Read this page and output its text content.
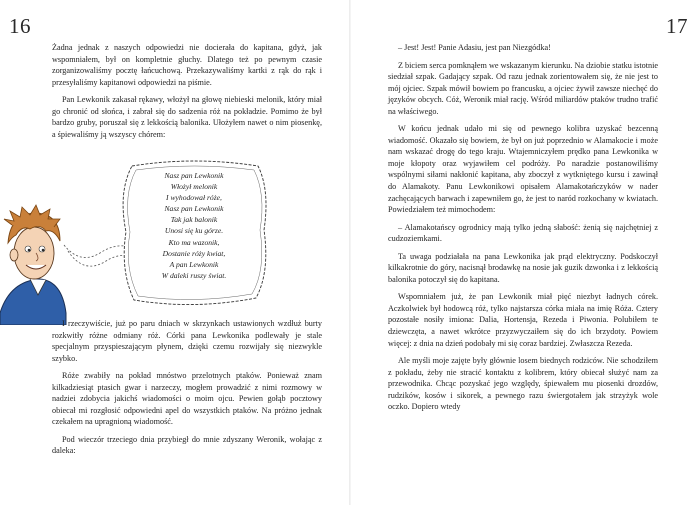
16	17

Żadna jednak z naszych odpowiedzi nie docierała do kapitana, gdyż, jak wspomniałem, był on kompletnie głuchy. Dlatego też po pewnym czasie zorganizowaliśmy pocztę łańcuchową. Przekazywaliśmy kartki z rąk do rąk i przesyłaliśmy kapitanowi odpowiedzi na piśmie.

Pan Lewkonik zakasał rękawy, włożył na głowę niebieski melonik, który miał go chronić od słońca, i zabrał się do sadzenia róż na pokładzie. Pomimo że był bardzo gruby, poruszał się z lekkością balonika. Ułożyłem nawet o nim piosenkę, a śpiewaliśmy ją wszyscy chórem:

Nasz pan Lewkonik
Włożył melonik
I wyhodował róże,
Nasz pan Lewkonik
Tak jak balonik
Unosi się ku górze.
Kto ma wazonik,
Dostanie róży kwiat,
A pan Lewkonik
W daleki ruszy świat.

I rzeczywiście, już po paru dniach w skrzynkach ustawionych wzdłuż burty rozkwitły różne odmiany róż. Córki pana Lewkonika podlewały je stale specjalnym przyspieszającym płynem, dzięki czemu rozwijały się niezwykle szybko.

Róże zwabiły na pokład mnóstwo przelotnych ptaków. Ponieważ znam kilkadziesiąt ptasich gwar i narzeczy, mogłem prowadzić z nimi rozmowy w nadziei zdobycia jakichś wiadomości o moim ojcu. Pewien gołąb pocztowy obiecał mi rozgłosić odpowiedni apel do wszystkich ptaków. Na próżno jednak czekałem na upragnioną wiadomość.

Pod wieczór trzeciego dnia przybiegł do mnie zdyszany Weronik, wołając z daleka:

– Jest! Jest! Panie Adasiu, jest pan Niezgódka!

Z biciem serca pomknąłem we wskazanym kierunku. Na dziobie statku istotnie siedział szpak. Gadający szpak. Od razu jednak zorientowałem się, że nie jest to mój ojciec. Szpak mówił bowiem po francusku, a ojciec żywił zawsze niechęć do języków obcych. Cóż, Weronik miał rację. Wśród miliardów ptaków trudno trafić na właściwego.

W końcu jednak udało mi się od pewnego kolibra uzyskać bezcenną wiadomość. Okazało się bowiem, że był on już poprzednio w Alamakocie i może nam wskazać drogę do tego kraju. Wtajemniczyłem prędko pana Lewkonika w moje kłopoty oraz wyjawiłem cel podróży. Po naradzie postanowiliśmy wspólnymi siłami nakłonić kapitana, aby zboczył z wytkniętego kursu i zawinął do Alamakoty. Panu Lewkonikowi opisałem Alamakotańczyków w nader zachęcających barwach i zapewniłem go, że jest to naród rozkochany w kwiatach. Powiedziałem też mimochodem:

– Alamakotańscy ogrodnicy mają tylko jedną słabość: żenią się najchętniej z cudzoziemkami.

Ta uwaga podziałała na pana Lewkonika jak prąd elektryczny. Podskoczył kilkakrotnie do góry, nacisnął brodawkę na nosie jak guzik dzwonka i z lekkością balonika potoczył się do kapitana.

Wspomniałem już, że pan Lewkonik miał pięć niezbyt ładnych córek. Aczkolwiek był hodowcą róż, tylko najstarsza córka miała na imię Róża. Cztery pozostałe nosiły imiona: Dalia, Hortensja, Rezeda i Piwonia. Polubiłem te dziewczęta, a nawet wkrótce przyzwyczaiłem się do ich brzydoty. Powiem więcej: z dnia na dzień podobały mi się coraz bardziej. Zwłaszcza Rezeda.

Ale myśli moje zajęte były głównie losem biednych rodziców. Nie schodziłem z pokładu, żeby nie stracić kontaktu z kolibrem, który obiecał służyć nam za przewodnika. Chcąc pozyskać jego względy, śpiewałem mu piosenki drozdów, rudzików, kosów i sikorek, a pewnego razu świergotałem jak strzyżyk wole oczko. Dopiero wtedy
